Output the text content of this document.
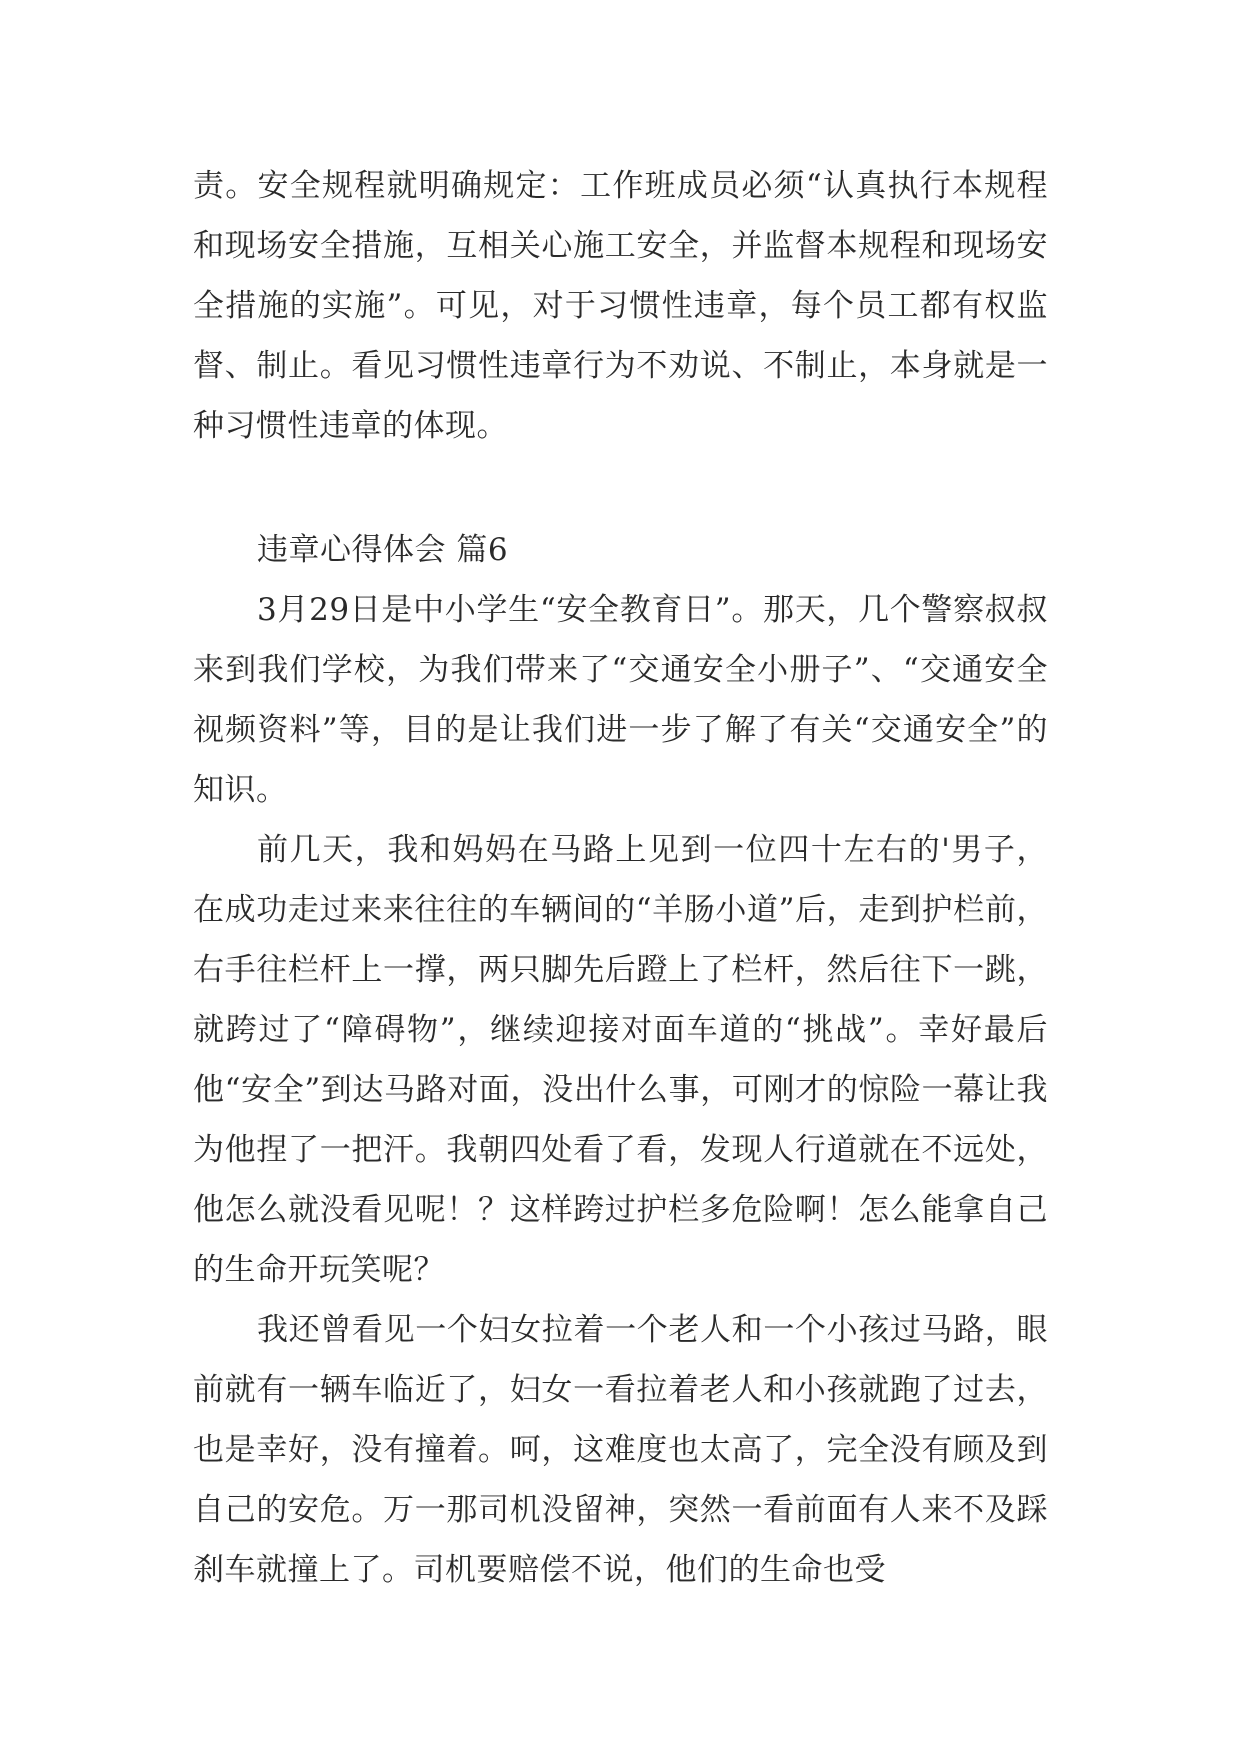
责。安全规程就明确规定：工作班成员必须“认真执行本规程和现场安全措施，互相关心施工安全，并监督本规程和现场安全措施的实施”。可见，对于习惯性违章，每个员工都有权监督、制止。看见习惯性违章行为不劝说、不制止，本身就是一种习惯性违章的体现。

违章心得体会 篇6

3月29日是中小学生“安全教育日”。那天，几个警察叔叔来到我们学校，为我们带来了“交通安全小册子”、“交通安全视频资料”等，目的是让我们进一步了解了有关“交通安全”的知识。

前几天，我和妈妈在马路上见到一位四十左右的'男子，在成功走过来来往往的车辆间的“羊肠小道”后，走到护栏前，右手往栏杆上一撑，两只脚先后蹬上了栏杆，然后往下一跳，就跨过了“障碍物”，继续迎接对面车道的“挑战”。幸好最后他“安全”到达马路对面，没出什么事，可刚才的惊险一幕让我为他捏了一把汗。我朝四处看了看，发现人行道就在不远处，他怎么就没看见呢！？这样跨过护栏多危险啊！怎么能拿自己的生命开玩笑呢？

我还曾看见一个妇女拉着一个老人和一个小孩过马路，眼前就有一辆车临近了，妇女一看拉着老人和小孩就跑了过去，也是幸好，没有撞着。呵，这难度也太高了，完全没有顾及到自己的安危。万一那司机没留神，突然一看前面有人来不及踩刹车就撞上了。司机要赔偿不说，他们的生命也受
